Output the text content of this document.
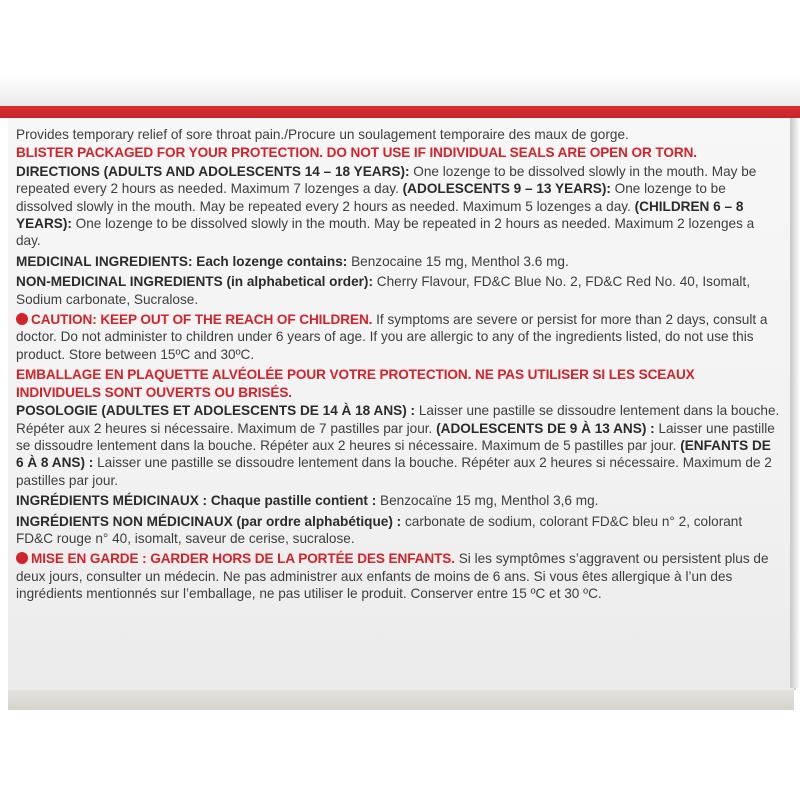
Provides temporary relief of sore throat pain./Procure un soulagement temporaire des maux de gorge.

BLISTER PACKAGED FOR YOUR PROTECTION. DO NOT USE IF INDIVIDUAL SEALS ARE OPEN OR TORN.

DIRECTIONS (ADULTS AND ADOLESCENTS 14 – 18 YEARS): One lozenge to be dissolved slowly in the mouth. May be repeated every 2 hours as needed. Maximum 7 lozenges a day. (ADOLESCENTS 9 – 13 YEARS): One lozenge to be dissolved slowly in the mouth. May be repeated every 2 hours as needed. Maximum 5 lozenges a day. (CHILDREN 6 – 8 YEARS): One lozenge to be dissolved slowly in the mouth. May be repeated in 2 hours as needed. Maximum 2 lozenges a day.

MEDICINAL INGREDIENTS: Each lozenge contains: Benzocaine 15 mg, Menthol 3.6 mg.

NON-MEDICINAL INGREDIENTS (in alphabetical order): Cherry Flavour, FD&C Blue No. 2, FD&C Red No. 40, Isomalt, Sodium carbonate, Sucralose.

CAUTION: KEEP OUT OF THE REACH OF CHILDREN. If symptoms are severe or persist for more than 2 days, consult a doctor. Do not administer to children under 6 years of age. If you are allergic to any of the ingredients listed, do not use this product. Store between 15ºC and 30ºC.

EMBALLAGE EN PLAQUETTE ALVÉOLÉE POUR VOTRE PROTECTION. NE PAS UTILISER SI LES SCEAUX INDIVIDUELS SONT OUVERTS OU BRISÉS.

POSOLOGIE (ADULTES ET ADOLESCENTS DE 14 À 18 ANS) : Laisser une pastille se dissoudre lentement dans la bouche. Répéter aux 2 heures si nécessaire. Maximum de 7 pastilles par jour. (ADOLESCENTS DE 9 À 13 ANS) : Laisser une pastille se dissoudre lentement dans la bouche. Répéter aux 2 heures si nécessaire. Maximum de 5 pastilles par jour. (ENFANTS DE 6 À 8 ANS) : Laisser une pastille se dissoudre lentement dans la bouche. Répéter aux 2 heures si nécessaire. Maximum de 2 pastilles par jour.

INGRÉDIENTS MÉDICINAUX : Chaque pastille contient : Benzocaïne 15 mg, Menthol 3,6 mg.

INGRÉDIENTS NON MÉDICINAUX (par ordre alphabétique) : carbonate de sodium, colorant FD&C bleu n° 2, colorant FD&C rouge n° 40, isomalt, saveur de cerise, sucralose.

MISE EN GARDE : GARDER HORS DE LA PORTÉE DES ENFANTS. Si les symptômes s’aggravent ou persistent plus de deux jours, consulter un médecin. Ne pas administrer aux enfants de moins de 6 ans. Si vous êtes allergique à l’un des ingrédients mentionnés sur l’emballage, ne pas utiliser le produit. Conserver entre 15 ºC et 30 ºC.
